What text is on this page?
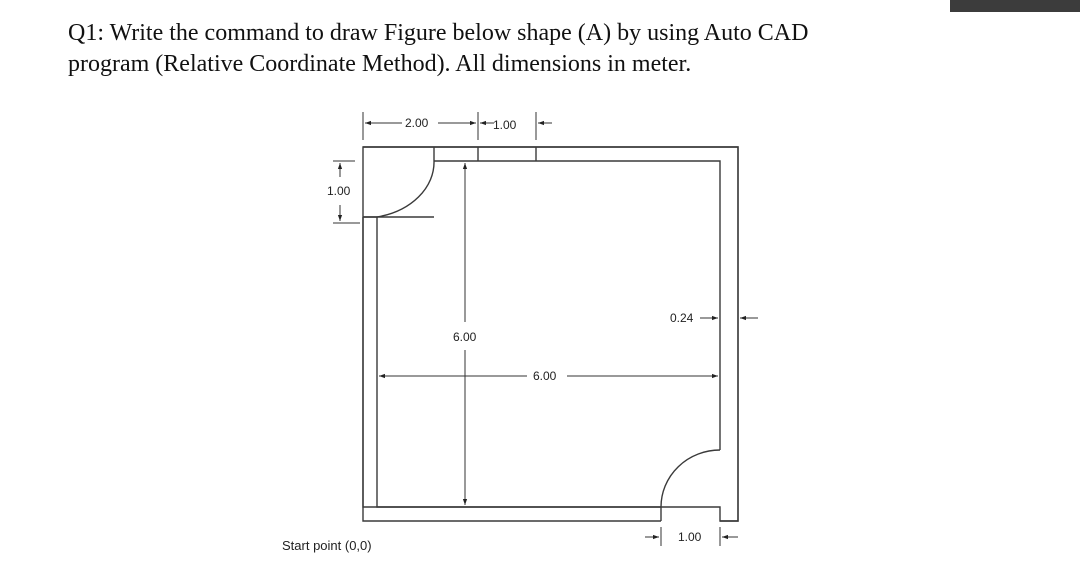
Q1: Write the command to draw Figure below shape (A) by using Auto CAD
program (Relative Coordinate Method). All dimensions in meter.
2.00	1.00
1.00
6.00
6.00
0.24
1.00
Start point (0,0)
